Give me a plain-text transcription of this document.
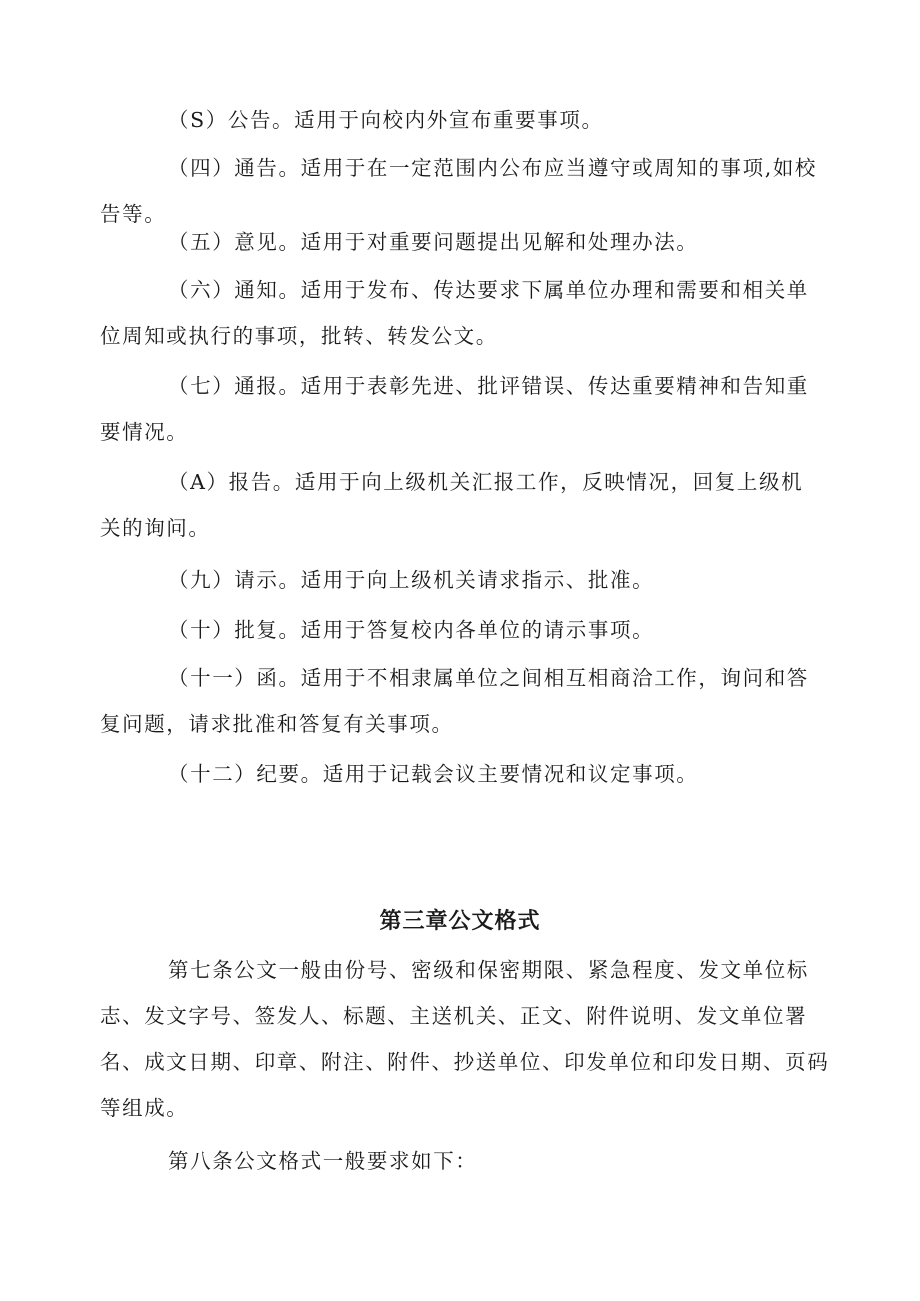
（S）公告。适用于向校内外宣布重要事项。

（四）通告。适用于在一定范围内公布应当遵守或周知的事项,如校告等。

（五）意见。适用于对重要问题提出见解和处理办法。

（六）通知。适用于发布、传达要求下属单位办理和需要和相关单位周知或执行的事项，批转、转发公文。

（七）通报。适用于表彰先进、批评错误、传达重要精神和告知重要情况。

（A）报告。适用于向上级机关汇报工作，反映情况，回复上级机关的询问。

（九）请示。适用于向上级机关请求指示、批准。

（十）批复。适用于答复校内各单位的请示事项。

（十一）函。适用于不相隶属单位之间相互相商洽工作，询问和答复问题，请求批准和答复有关事项。

（十二）纪要。适用于记载会议主要情况和议定事项。

第三章公文格式

第七条公文一般由份号、密级和保密期限、紧急程度、发文单位标志、发文字号、签发人、标题、主送机关、正文、附件说明、发文单位署名、成文日期、印章、附注、附件、抄送单位、印发单位和印发日期、页码等组成。

第八条公文格式一般要求如下：
